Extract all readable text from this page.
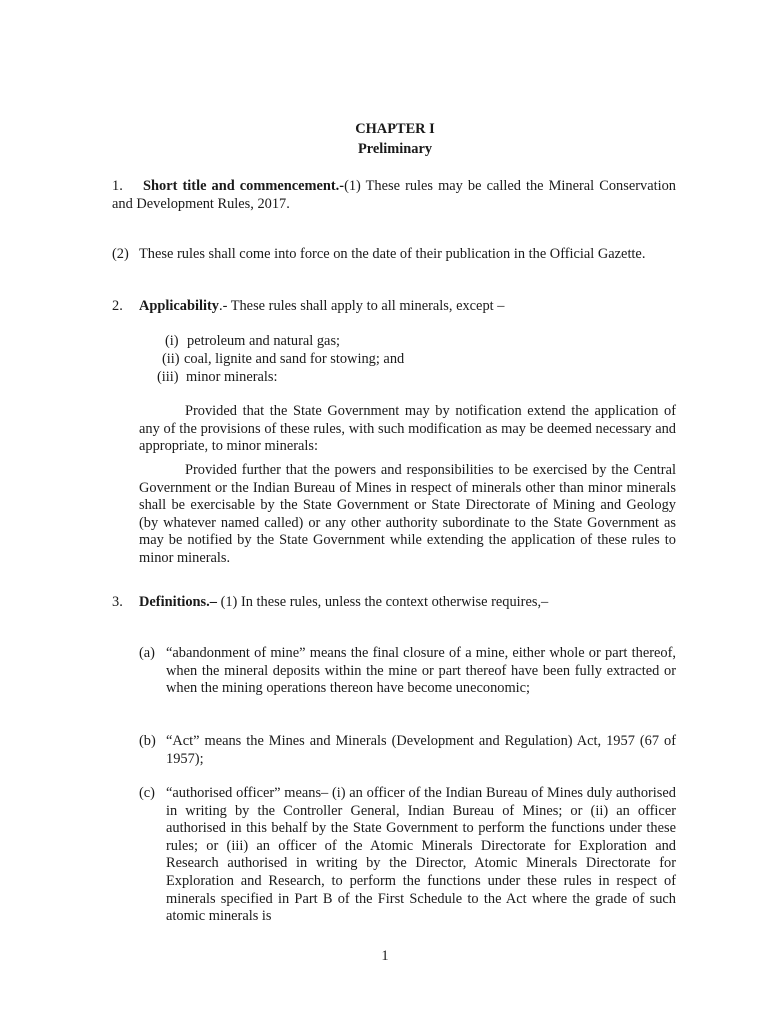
CHAPTER I
Preliminary
1. Short title and commencement.-(1) These rules may be called the Mineral Conservation and Development Rules, 2017.
(2) These rules shall come into force on the date of their publication in the Official Gazette.
2. Applicability.- These rules shall apply to all minerals, except –
(i) petroleum and natural gas;
(ii) coal, lignite and sand for stowing; and
(iii) minor minerals:
Provided that the State Government may by notification extend the application of any of the provisions of these rules, with such modification as may be deemed necessary and appropriate, to minor minerals:
Provided further that the powers and responsibilities to be exercised by the Central Government or the Indian Bureau of Mines in respect of minerals other than minor minerals shall be exercisable by the State Government or State Directorate of Mining and Geology (by whatever named called) or any other authority subordinate to the State Government as may be notified by the State Government while extending the application of these rules to minor minerals.
3. Definitions.– (1) In these rules, unless the context otherwise requires,–
(a) “abandonment of mine” means the final closure of a mine, either whole or part thereof, when the mineral deposits within the mine or part thereof have been fully extracted or when the mining operations thereon have become uneconomic;
(b) “Act” means the Mines and Minerals (Development and Regulation) Act, 1957 (67 of 1957);
(c) “authorised officer” means– (i) an officer of the Indian Bureau of Mines duly authorised in writing by the Controller General, Indian Bureau of Mines; or (ii) an officer authorised in this behalf by the State Government to perform the functions under these rules; or (iii) an officer of the Atomic Minerals Directorate for Exploration and Research authorised in writing by the Director, Atomic Minerals Directorate for Exploration and Research, to perform the functions under these rules in respect of minerals specified in Part B of the First Schedule to the Act where the grade of such atomic minerals is
1
